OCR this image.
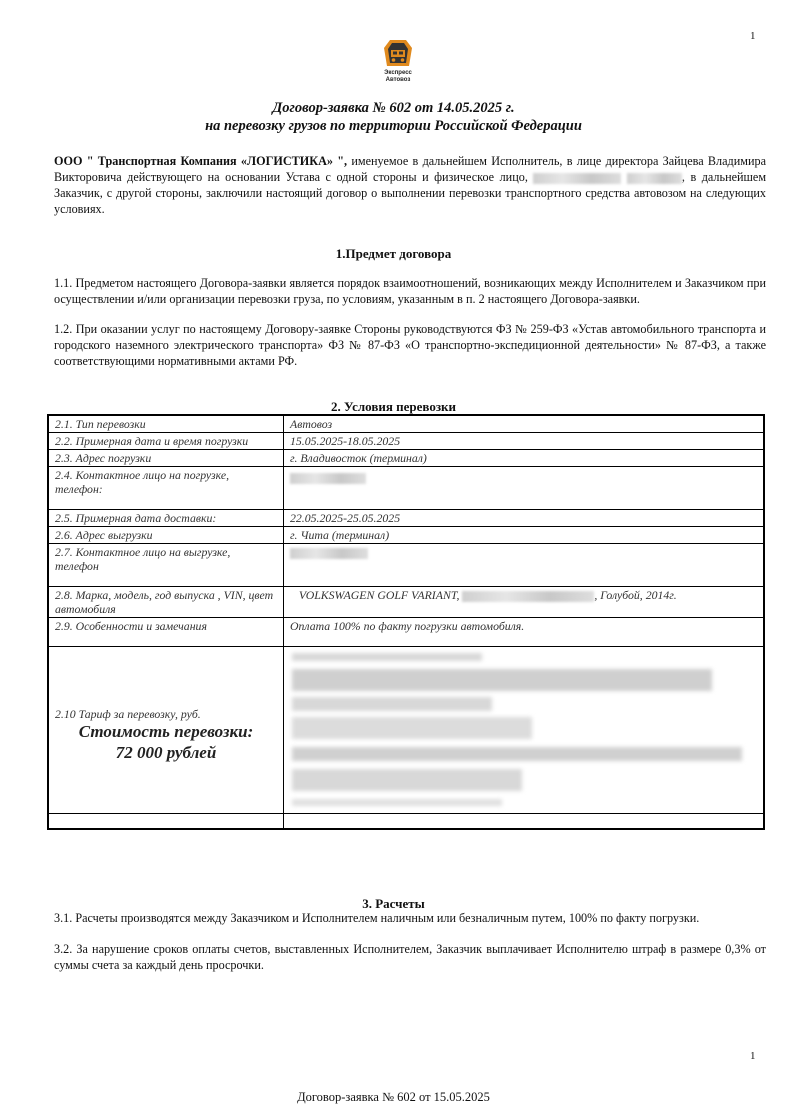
1
Экспресс
Автовоз
Договор-заявка № 602 от 14.05.2025 г.
на перевозку грузов по территории Российской Федерации
ООО " Транспортная Компания «ЛОГИСТИКА» ", именуемое в дальнейшем Исполнитель, в лице директора Зайцева Владимира Викторовича действующего на основании Устава с одной стороны и физическое лицо,	, в дальнейшем Заказчик, с другой стороны, заключили настоящий договор о выполнении перевозки транспортного средства автовозом на следующих условиях.
1.Предмет договора
1.1. Предметом настоящего Договора-заявки является порядок взаимоотношений, возникающих между Исполнителем и Заказчиком при осуществлении и/или организации перевозки груза, по условиям, указанным в п. 2 настоящего Договора-заявки.
1.2. При оказании услуг по настоящему Договору-заявке Стороны руководствуются ФЗ № 259-ФЗ «Устав автомобильного транспорта и городского наземного электрического транспорта» ФЗ № 87-ФЗ «О транспортно-экспедиционной деятельности» № 87-ФЗ, а также соответствующими нормативными актами РФ.
2. Условия перевозки
2.1. Тип перевозки	Автовоз
2.2. Примерная дата и время погрузки	15.05.2025-18.05.2025
2.3. Адрес погрузки	г. Владивосток (терминал)
2.4. Контактное лицо на погрузке, телефон:	
2.5. Примерная дата доставки:	22.05.2025-25.05.2025
2.6. Адрес выгрузки	г. Чита (терминал)
2.7. Контактное лицо на выгрузке, телефон	
2.8. Марка, модель, год выпуска , VIN, цвет автомобиля	VOLKSWAGEN GOLF VARIANT, , Голубой, 2014г.
2.9. Особенности и замечания	Оплата 100% по факту погрузки автомобиля.

2.10 Тариф за перевозку, руб.
Стоимость перевозки:
72 000 рублей	

3. Расчеты
3.1. Расчеты производятся между Заказчиком и Исполнителем наличным или безналичным путем, 100% по факту погрузки.
3.2. За нарушение сроков оплаты счетов, выставленных Исполнителем, Заказчик выплачивает Исполнителю штраф в размере 0,3% от суммы счета за каждый день просрочки.
1
Договор-заявка № 602 от 15.05.2025
